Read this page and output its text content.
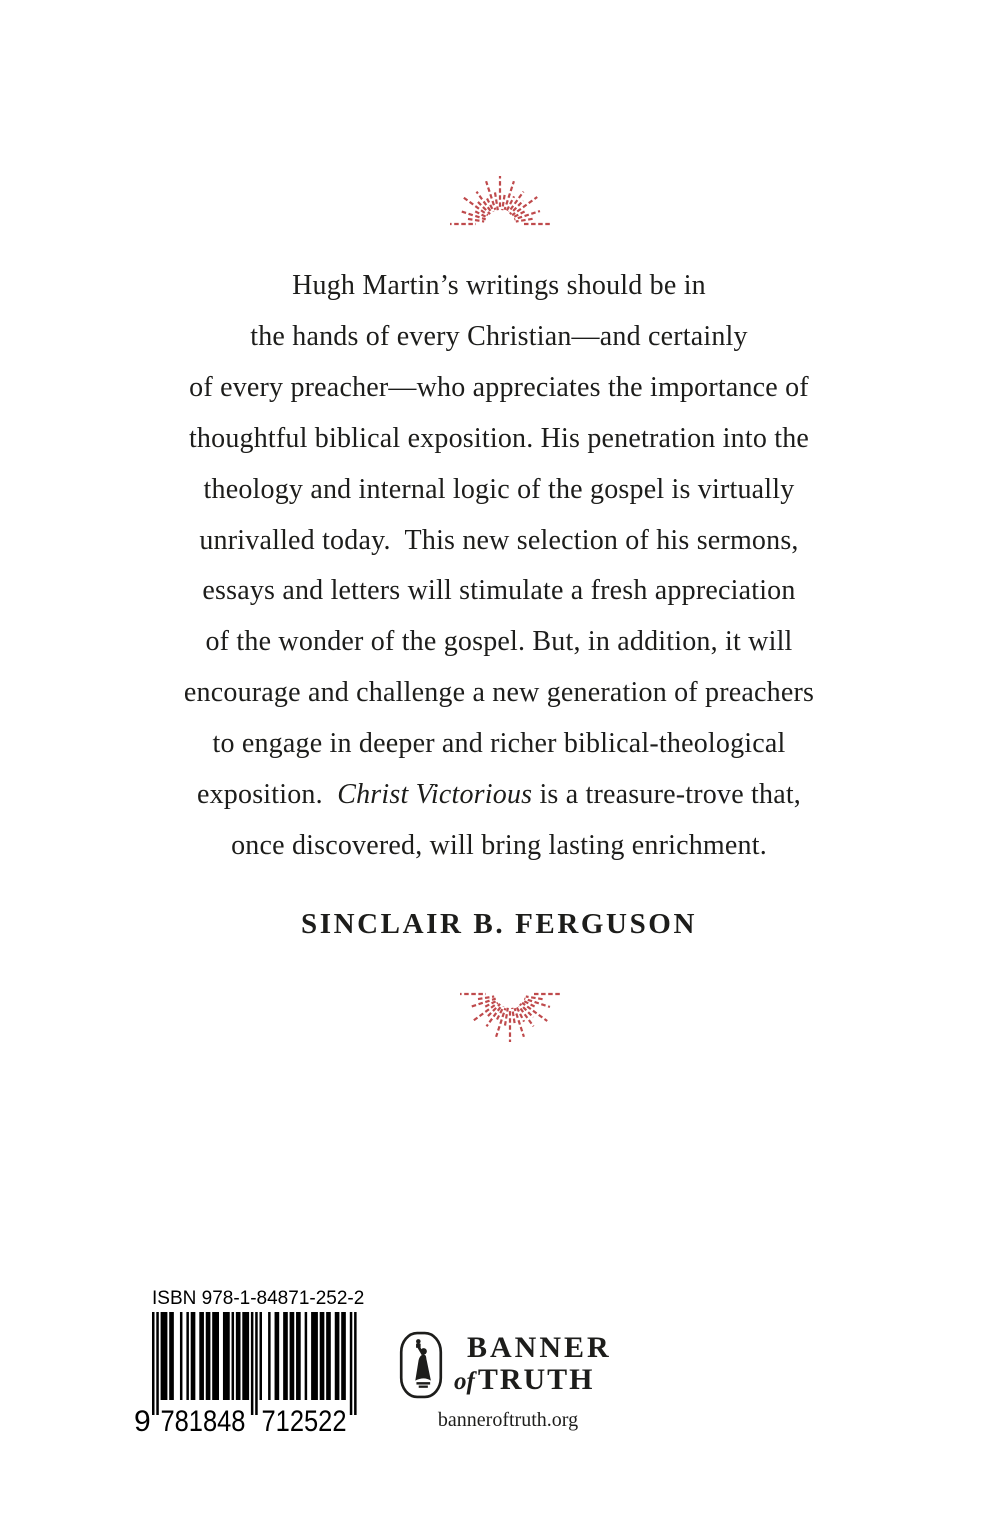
Hugh Martin’s writings should be in
the hands of every Christian—and certainly
of every preacher—who appreciates the importance of
thoughtful biblical exposition. His penetration into the
theology and internal logic of the gospel is virtually
unrivalled today.  This new selection of his sermons,
essays and letters will stimulate a fresh appreciation
of the wonder of the gospel. But, in addition, it will
encourage and challenge a new generation of preachers
to engage in deeper and richer biblical-theological
exposition.  Christ Victorious is a treasure-trove that,
once discovered, will bring lasting enrichment.
SINCLAIR B. FERGUSON
ISBN 978-1-84871-252-2
9 781848 712522
BANNER
of TRUTH
banneroftruth.org
